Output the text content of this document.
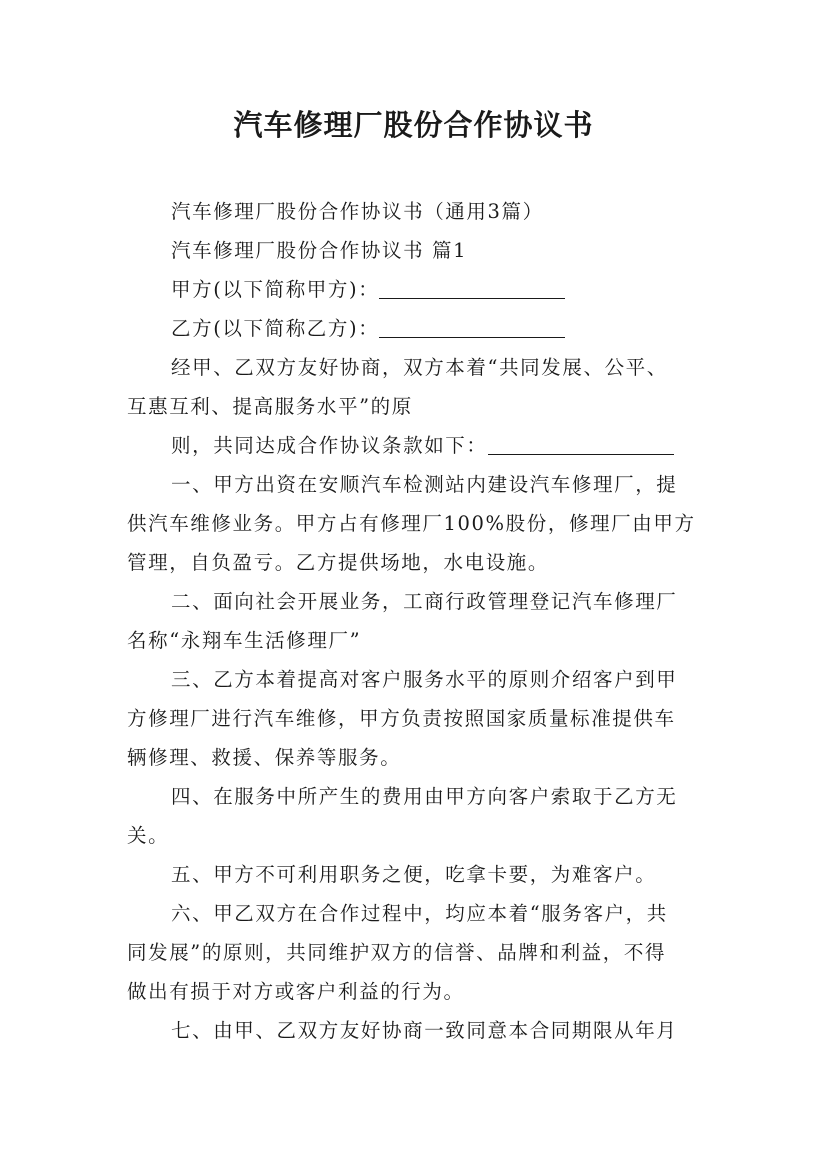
汽车修理厂股份合作协议书
汽车修理厂股份合作协议书（通用3篇）
汽车修理厂股份合作协议书 篇1
甲方(以下简称甲方)：
乙方(以下简称乙方)：
经甲、乙双方友好协商，双方本着“共同发展、公平、
互惠互利、提高服务水平”的原
则，共同达成合作协议条款如下：
一、甲方出资在安顺汽车检测站内建设汽车修理厂，提
供汽车维修业务。甲方占有修理厂100%股份，修理厂由甲方
管理，自负盈亏。乙方提供场地，水电设施。
二、面向社会开展业务，工商行政管理登记汽车修理厂
名称“永翔车生活修理厂”
三、乙方本着提高对客户服务水平的原则介绍客户到甲
方修理厂进行汽车维修，甲方负责按照国家质量标准提供车
辆修理、救援、保养等服务。
四、在服务中所产生的费用由甲方向客户索取于乙方无
关。
五、甲方不可利用职务之便，吃拿卡要，为难客户。
六、甲乙双方在合作过程中，均应本着“服务客户，共
同发展”的原则，共同维护双方的信誉、品牌和利益，不得
做出有损于对方或客户利益的行为。
七、由甲、乙双方友好协商一致同意本合同期限从年月
